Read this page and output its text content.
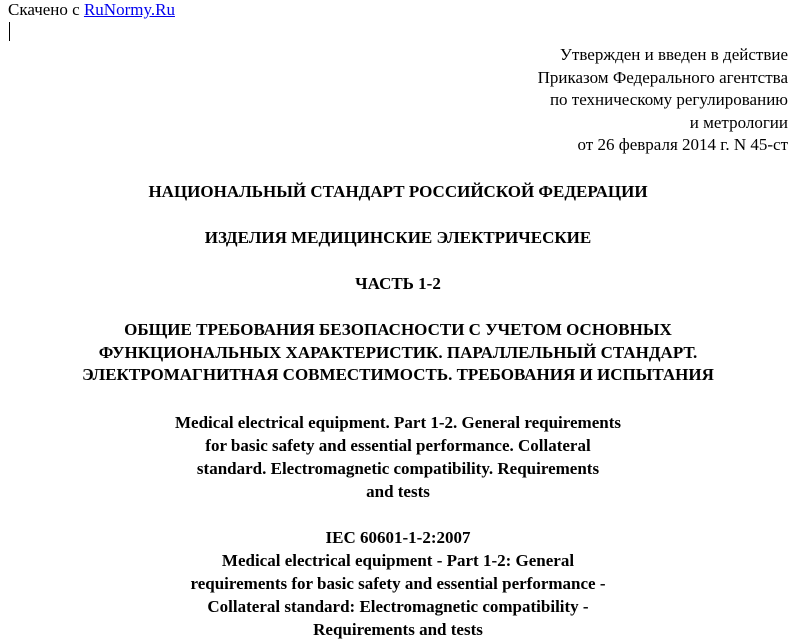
Скачено с RuNormy.Ru
Утвержден и введен в действие
Приказом Федерального агентства
по техническому регулированию
и метрологии
от 26 февраля 2014 г. N 45-ст
НАЦИОНАЛЬНЫЙ СТАНДАРТ РОССИЙСКОЙ ФЕДЕРАЦИИ
ИЗДЕЛИЯ МЕДИЦИНСКИЕ ЭЛЕКТРИЧЕСКИЕ
ЧАСТЬ 1-2
ОБЩИЕ ТРЕБОВАНИЯ БЕЗОПАСНОСТИ С УЧЕТОМ ОСНОВНЫХ
ФУНКЦИОНАЛЬНЫХ ХАРАКТЕРИСТИК. ПАРАЛЛЕЛЬНЫЙ СТАНДАРТ.
ЭЛЕКТРОМАГНИТНАЯ СОВМЕСТИМОСТЬ. ТРЕБОВАНИЯ И ИСПЫТАНИЯ
Medical electrical equipment. Part 1-2. General requirements
for basic safety and essential performance. Collateral
standard. Electromagnetic compatibility. Requirements
and tests
IEC 60601-1-2:2007
Medical electrical equipment - Part 1-2: General
requirements for basic safety and essential performance -
Collateral standard: Electromagnetic compatibility -
Requirements and tests
